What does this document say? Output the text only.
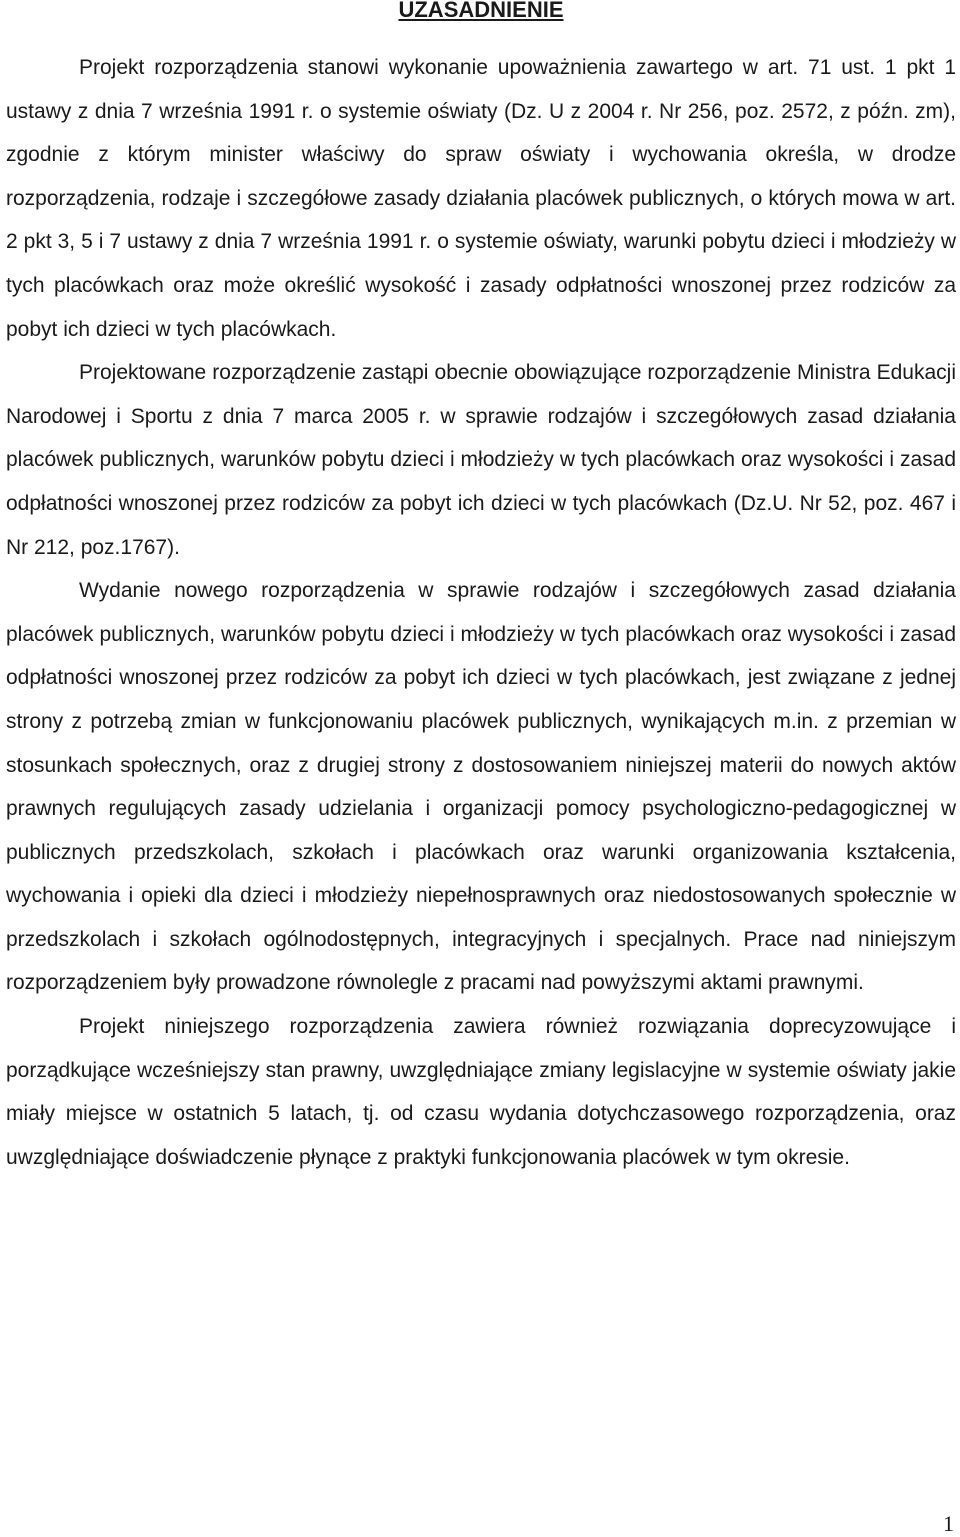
UZASADNIENIE

Projekt rozporządzenia stanowi wykonanie upoważnienia zawartego w art. 71 ust. 1 pkt 1 ustawy z dnia 7 września 1991 r. o systemie oświaty (Dz. U z 2004 r. Nr 256, poz. 2572, z późn. zm), zgodnie z którym minister właściwy do spraw oświaty i wychowania określa, w drodze rozporządzenia, rodzaje i szczegółowe zasady działania placówek publicznych, o których mowa w art. 2 pkt 3, 5 i 7 ustawy z dnia 7 września 1991 r. o systemie oświaty, warunki pobytu dzieci i młodzieży w tych placówkach oraz może określić wysokość i zasady odpłatności wnoszonej przez rodziców za pobyt ich dzieci w tych placówkach.

Projektowane rozporządzenie zastąpi obecnie obowiązujące rozporządzenie Ministra Edukacji Narodowej i Sportu z dnia 7 marca 2005 r. w sprawie rodzajów i szczegółowych zasad działania placówek publicznych, warunków pobytu dzieci i młodzieży w tych placówkach oraz wysokości i zasad odpłatności wnoszonej przez rodziców za pobyt ich dzieci w tych placówkach (Dz.U. Nr 52, poz. 467 i Nr 212, poz.1767).

Wydanie nowego rozporządzenia w sprawie rodzajów i szczegółowych zasad działania placówek publicznych, warunków pobytu dzieci i młodzieży w tych placówkach oraz wysokości i zasad odpłatności wnoszonej przez rodziców za pobyt ich dzieci w tych placówkach, jest związane z jednej strony z potrzebą zmian w funkcjonowaniu placówek publicznych, wynikających m.in. z przemian w stosunkach społecznych, oraz z drugiej strony z dostosowaniem niniejszej materii do nowych aktów prawnych regulujących zasady udzielania i organizacji pomocy psychologiczno-pedagogicznej w publicznych przedszkolach, szkołach i placówkach oraz warunki organizowania kształcenia, wychowania i opieki dla dzieci i młodzieży niepełnosprawnych oraz niedostosowanych społecznie w przedszkolach i szkołach ogólnodostępnych, integracyjnych i specjalnych. Prace nad niniejszym rozporządzeniem były prowadzone równolegle z pracami nad powyższymi aktami prawnymi.

Projekt niniejszego rozporządzenia zawiera również rozwiązania doprecyzowujące i porządkujące wcześniejszy stan prawny, uwzględniające zmiany legislacyjne w systemie oświaty jakie miały miejsce w ostatnich 5 latach, tj. od czasu wydania dotychczasowego rozporządzenia, oraz uwzględniające doświadczenie płynące z praktyki funkcjonowania placówek w tym okresie.

1
